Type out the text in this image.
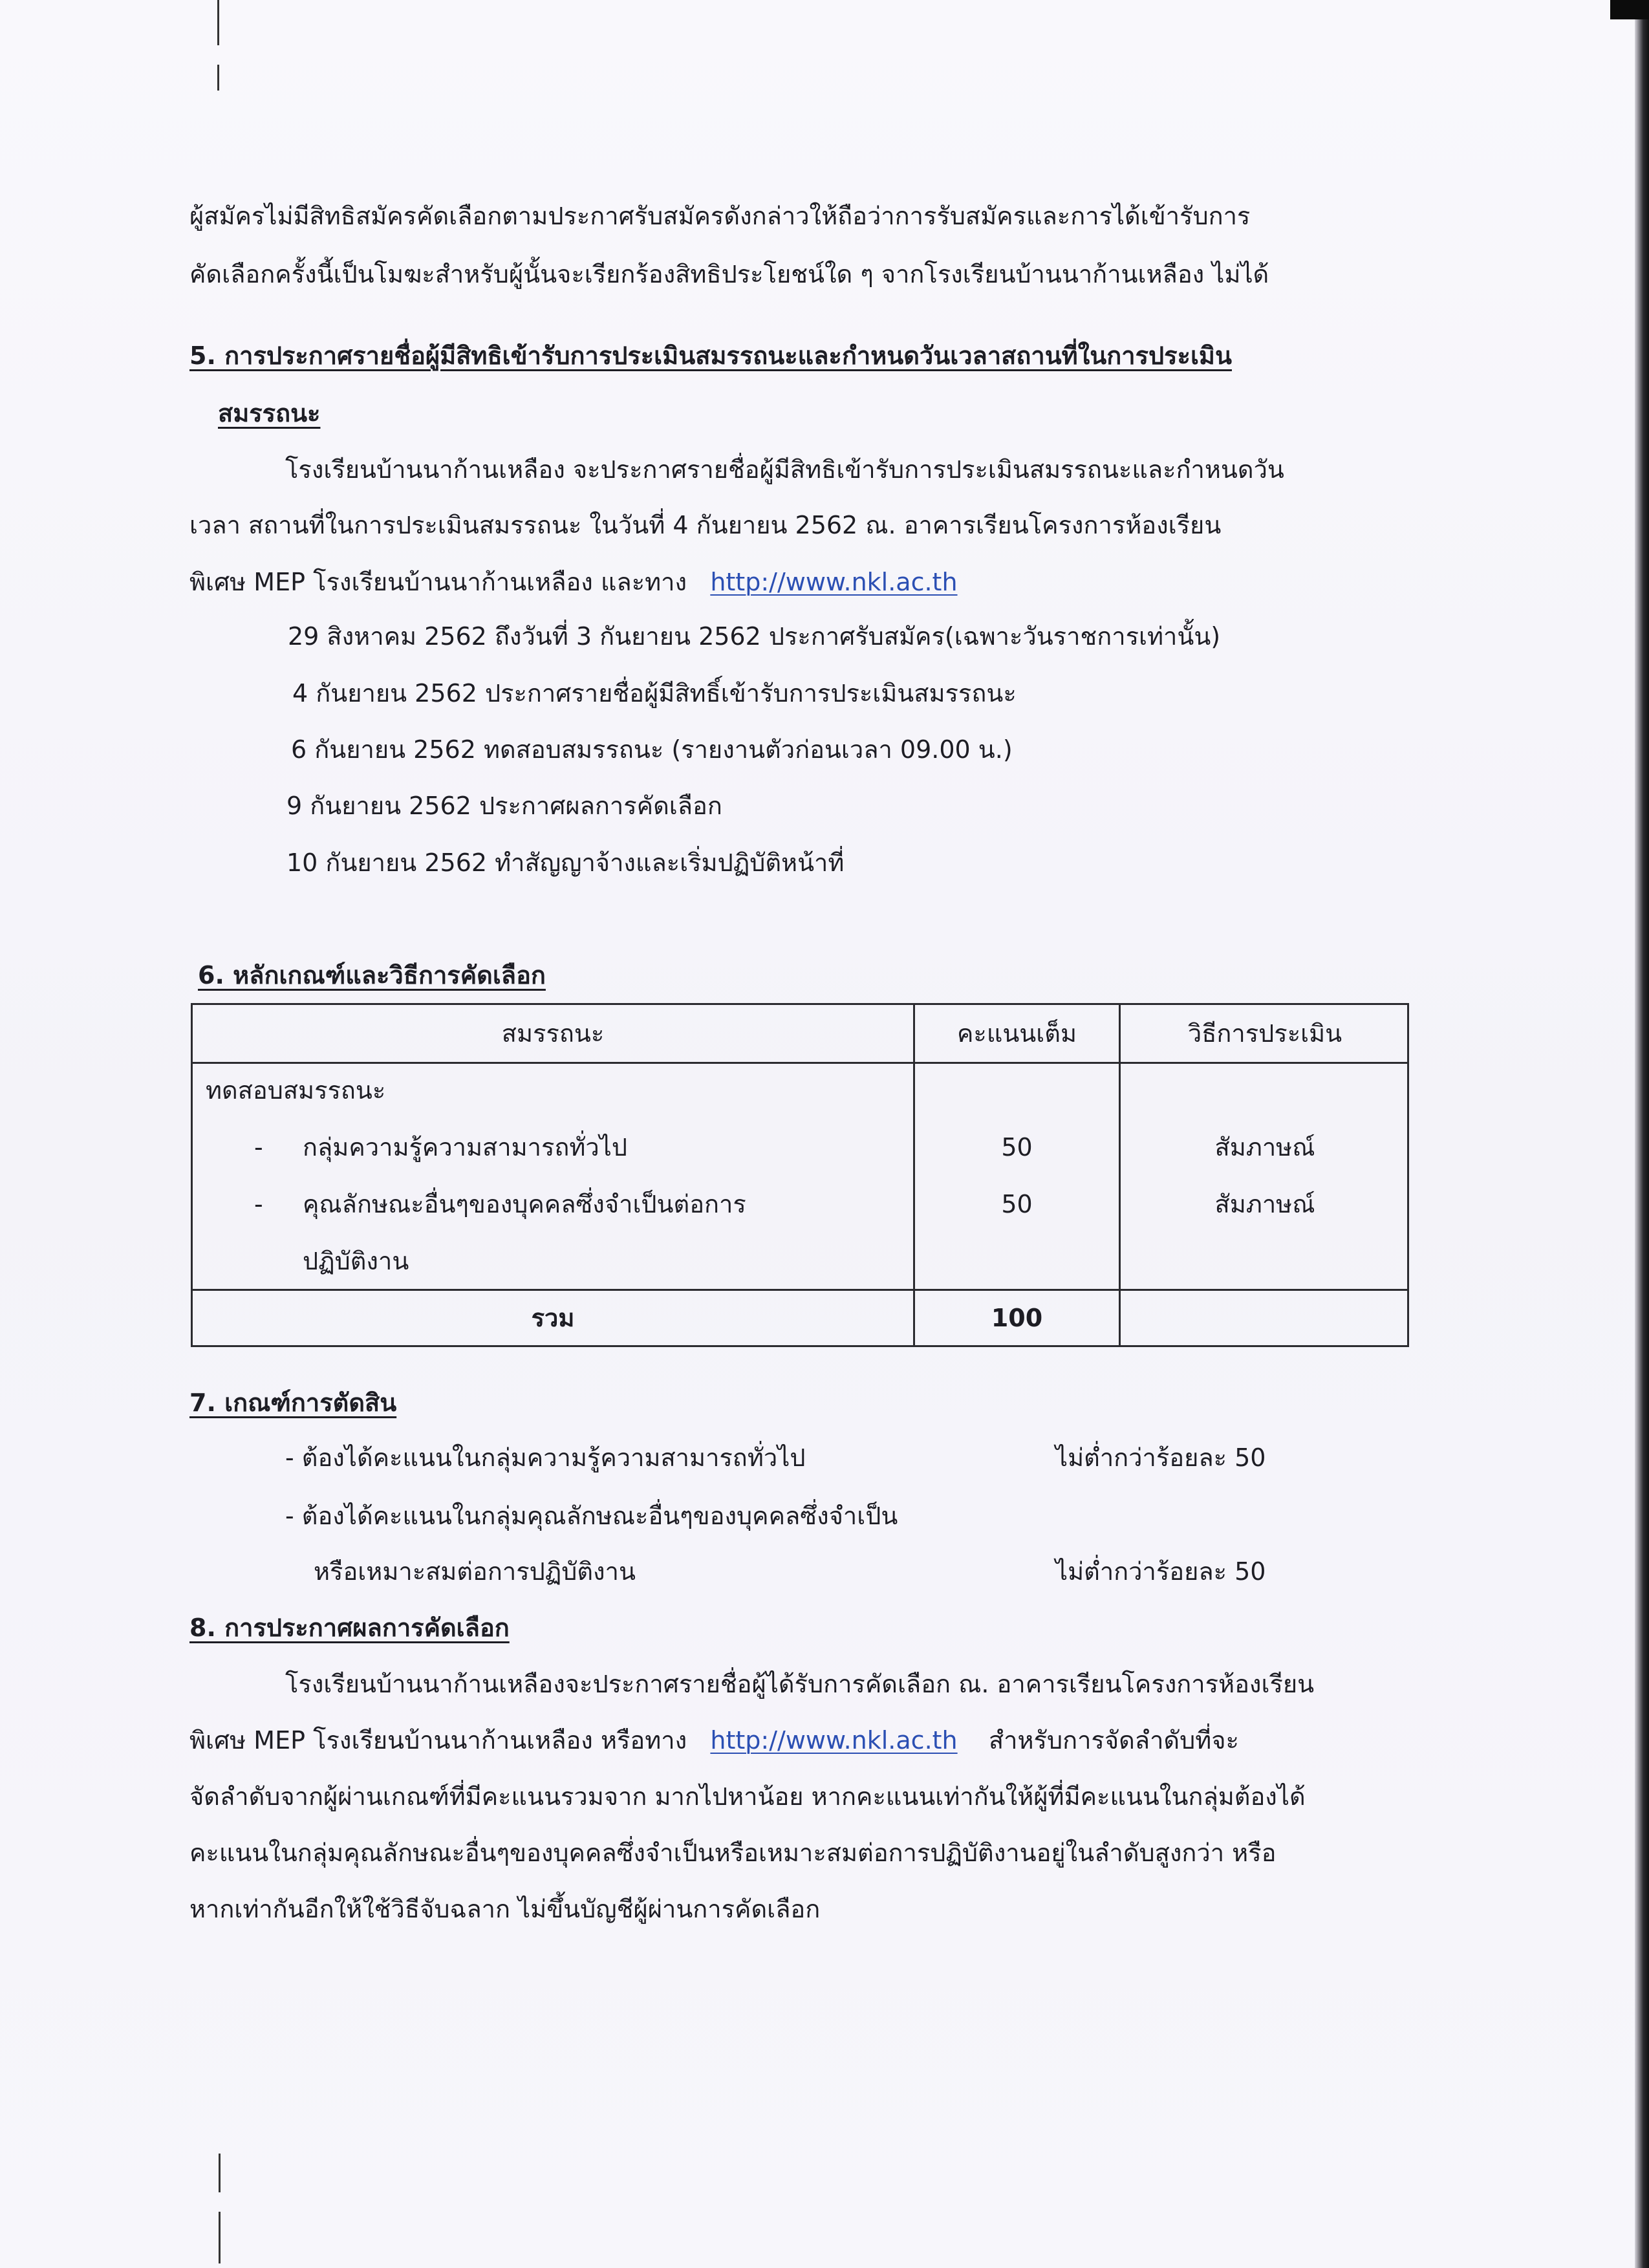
ผู้สมัครไม่มีสิทธิสมัครคัดเลือกตามประกาศรับสมัครดังกล่าวให้ถือว่าการรับสมัครและการได้เข้ารับการ
คัดเลือกครั้งนี้เป็นโมฆะสำหรับผู้นั้นจะเรียกร้องสิทธิประโยชน์ใด ๆ จากโรงเรียนบ้านนาก้านเหลือง ไม่ได้
5. การประกาศรายชื่อผู้มีสิทธิเข้ารับการประเมินสมรรถนะและกำหนดวันเวลาสถานที่ในการประเมิน
สมรรถนะ
โรงเรียนบ้านนาก้านเหลือง จะประกาศรายชื่อผู้มีสิทธิเข้ารับการประเมินสมรรถนะและกำหนดวัน
เวลา สถานที่ในการประเมินสมรรถนะ ในวันที่ 4 กันยายน 2562 ณ. อาคารเรียนโครงการห้องเรียน
พิเศษ MEP โรงเรียนบ้านนาก้านเหลือง และทาง http://www.nkl.ac.th
29 สิงหาคม 2562 ถึงวันที่ 3 กันยายน 2562 ประกาศรับสมัคร(เฉพาะวันราชการเท่านั้น)
4 กันยายน 2562 ประกาศรายชื่อผู้มีสิทธิ์เข้ารับการประเมินสมรรถนะ
6 กันยายน 2562 ทดสอบสมรรถนะ (รายงานตัวก่อนเวลา 09.00 น.)
9 กันยายน 2562 ประกาศผลการคัดเลือก
10 กันยายน 2562 ทำสัญญาจ้างและเริ่มปฏิบัติหน้าที่
6. หลักเกณฑ์และวิธีการคัดเลือก
สมรรถนะ	คะแนนเต็ม	วิธีการประเมิน
ทดสอบสมรรถนะ
- กลุ่มความรู้ความสามารถทั่วไป	50	สัมภาษณ์
- คุณลักษณะอื่นๆของบุคคลซึ่งจำเป็นต่อการ
ปฏิบัติงาน
50	สัมภาษณ์
รวม	100
7. เกณฑ์การตัดสิน
- ต้องได้คะแนนในกลุ่มความรู้ความสามารถทั่วไป	ไม่ต่ำกว่าร้อยละ 50
- ต้องได้คะแนนในกลุ่มคุณลักษณะอื่นๆของบุคคลซึ่งจำเป็น
หรือเหมาะสมต่อการปฏิบัติงาน	ไม่ต่ำกว่าร้อยละ 50
8. การประกาศผลการคัดเลือก
โรงเรียนบ้านนาก้านเหลืองจะประกาศรายชื่อผู้ได้รับการคัดเลือก ณ. อาคารเรียนโครงการห้องเรียน
พิเศษ MEP โรงเรียนบ้านนาก้านเหลือง หรือทาง http://www.nkl.ac.th สำหรับการจัดลำดับที่จะ
จัดลำดับจากผู้ผ่านเกณฑ์ที่มีคะแนนรวมจาก มากไปหาน้อย หากคะแนนเท่ากันให้ผู้ที่มีคะแนนในกลุ่มต้องได้
คะแนนในกลุ่มคุณลักษณะอื่นๆของบุคคลซึ่งจำเป็นหรือเหมาะสมต่อการปฏิบัติงานอยู่ในลำดับสูงกว่า หรือ
หากเท่ากันอีกให้ใช้วิธีจับฉลาก ไม่ขึ้นบัญชีผู้ผ่านการคัดเลือก
